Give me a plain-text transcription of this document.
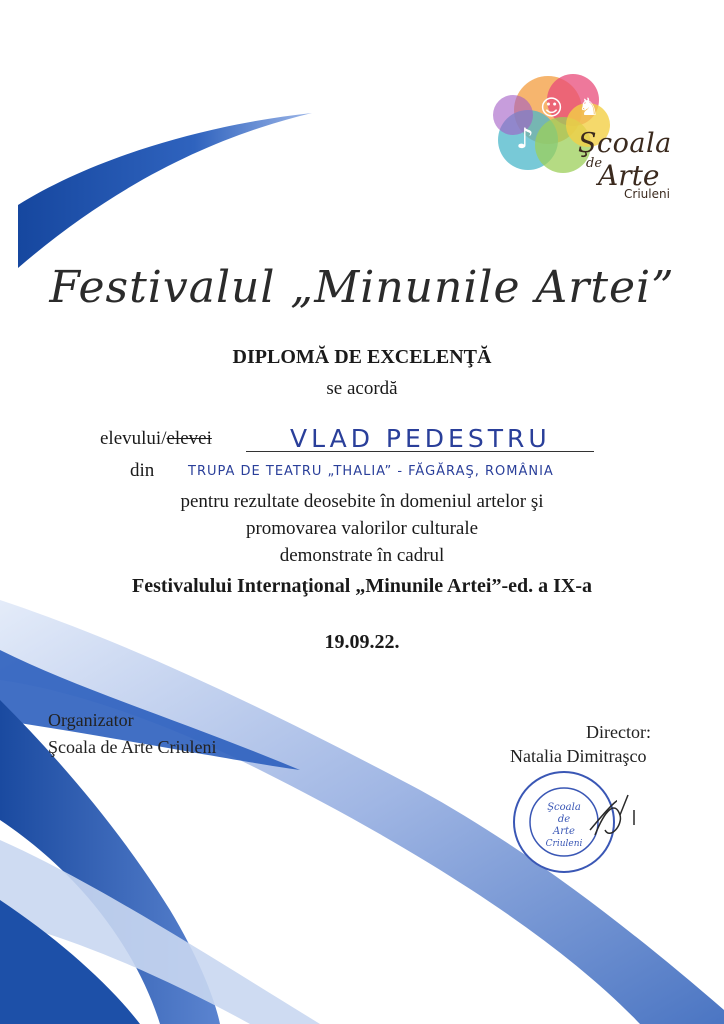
♪
☺ ♞
Şcoala
de
Arte
Criuleni
Festivalul „Minunile Artei”
DIPLOMĂ DE EXCELENŢĂ
se acordă
elevului/elevei	VLAD PEDESTRU
din	TRUPA DE TEATRU „THALIA” - FĂGĂRAŞ, ROMÂNIA
pentru rezultate deosebite în domeniul artelor şi
promovarea valorilor culturale
demonstrate în cadrul
Festivalului Internaţional „Minunile Artei”-ed. a IX-a
19.09.22.
Organizator
Şcoala de Arte Criuleni
Director:
Natalia Dimitraşco
Şcoala
de
Arte
Criuleni
